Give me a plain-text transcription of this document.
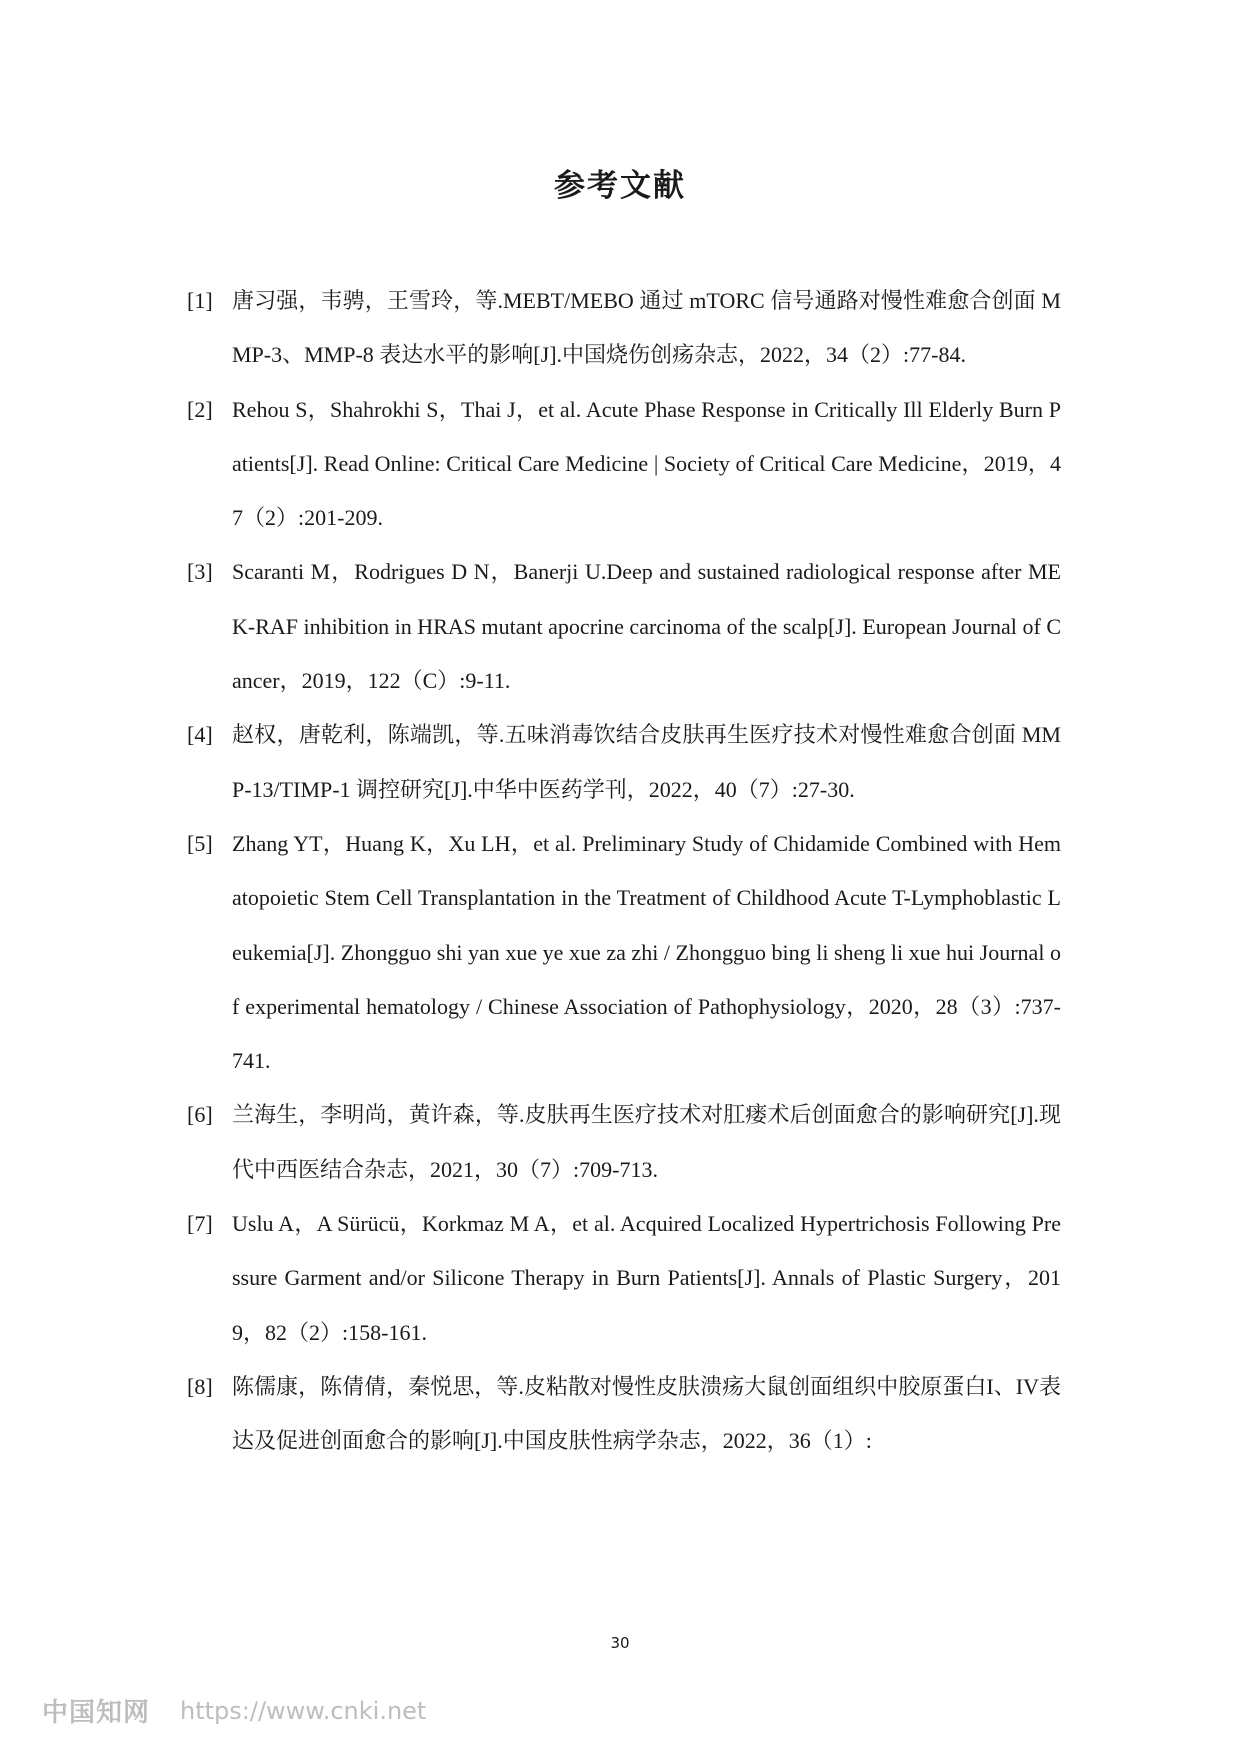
参考文献
[1] 唐习强，韦骋，王雪玲，等.MEBT/MEBO 通过 mTORC 信号通路对慢性难愈合创面 MMP-3、MMP-8 表达水平的影响[J].中国烧伤创疡杂志，2022，34（2）:77-84.
[2] Rehou S，Shahrokhi S，Thai J，et al. Acute Phase Response in Critically Ill Elderly Burn Patients[J]. Read Online: Critical Care Medicine | Society of Critical Care Medicine，2019，47（2）:201-209.
[3] Scaranti M，Rodrigues D N，Banerji U.Deep and sustained radiological response after MEK-RAF inhibition in HRAS mutant apocrine carcinoma of the scalp[J]. European Journal of Cancer，2019，122（C）:9-11.
[4] 赵权，唐乾利，陈端凯，等.五味消毒饮结合皮肤再生医疗技术对慢性难愈合创面 MMP-13/TIMP-1 调控研究[J].中华中医药学刊，2022，40（7）:27-30.
[5] Zhang YT，Huang K，Xu LH，et al. Preliminary Study of Chidamide Combined with Hematopoietic Stem Cell Transplantation in the Treatment of Childhood Acute T-Lymphoblastic Leukemia[J]. Zhongguo shi yan xue ye xue za zhi / Zhongguo bing li sheng li xue hui Journal of experimental hematology / Chinese Association of Pathophysiology，2020，28（3）:737-741.
[6] 兰海生，李明尚，黄许森，等.皮肤再生医疗技术对肛瘘术后创面愈合的影响研究[J].现代中西医结合杂志，2021，30（7）:709-713.
[7] Uslu A，A Sürücü，Korkmaz M A，et al. Acquired Localized Hypertrichosis Following Pressure Garment and/or Silicone Therapy in Burn Patients[J]. Annals of Plastic Surgery，2019，82（2）:158-161.
[8] 陈儒康，陈倩倩，秦悦思，等.皮粘散对慢性皮肤溃疡大鼠创面组织中胶原蛋白I、IV表达及促进创面愈合的影响[J].中国皮肤性病学杂志，2022，36（1）:
30
中国知网 https://www.cnki.net
